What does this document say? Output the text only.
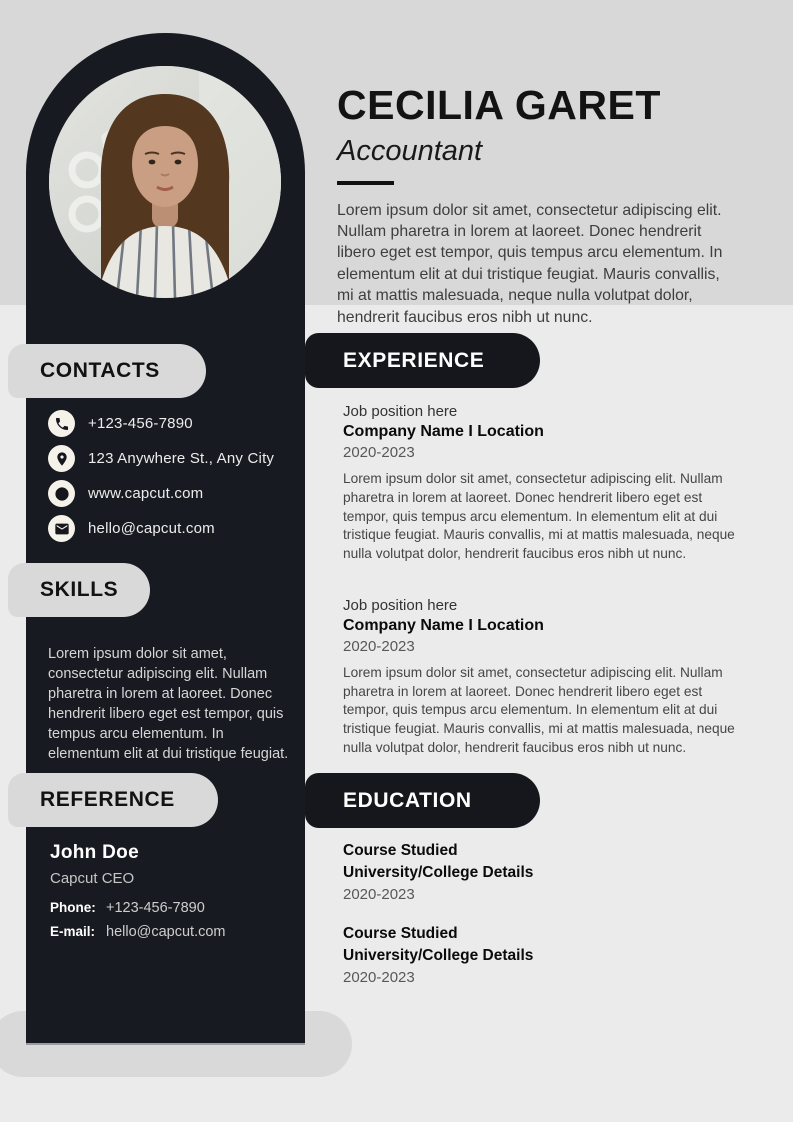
CONTACTS
+123-456-7890
123 Anywhere St., Any City
www.capcut.com
hello@capcut.com
SKILLS

Lorem ipsum dolor sit amet, consectetur adipiscing elit. Nullam pharetra in lorem at laoreet. Donec hendrerit libero eget est tempor, quis tempus arcu elementum. In elementum elit at dui tristique feugiat.

REFERENCE
John Doe
Capcut CEO
Phone: +123-456-7890
E-mail: hello@capcut.com
CECILIA GARET
Accountant

Lorem ipsum dolor sit amet, consectetur adipiscing elit. Nullam pharetra in lorem at laoreet. Donec hendrerit libero eget est tempor, quis tempus arcu elementum. In elementum elit at dui tristique feugiat. Mauris convallis, mi at mattis malesuada, neque nulla volutpat dolor, hendrerit faucibus eros nibh ut nunc.

EXPERIENCE
Job position here
Company Name I Location
2020-2023

Lorem ipsum dolor sit amet, consectetur adipiscing elit. Nullam pharetra in lorem at laoreet. Donec hendrerit libero eget est tempor, quis tempus arcu elementum. In elementum elit at dui tristique feugiat. Mauris convallis, mi at mattis malesuada, neque nulla volutpat dolor, hendrerit faucibus eros nibh ut nunc.

Job position here
Company Name I Location
2020-2023

Lorem ipsum dolor sit amet, consectetur adipiscing elit. Nullam pharetra in lorem at laoreet. Donec hendrerit libero eget est tempor, quis tempus arcu elementum. In elementum elit at dui tristique feugiat. Mauris convallis, mi at mattis malesuada, neque nulla volutpat dolor, hendrerit faucibus eros nibh ut nunc.

EDUCATION
Course Studied
University/College Details
2020-2023
Course Studied
University/College Details
2020-2023
